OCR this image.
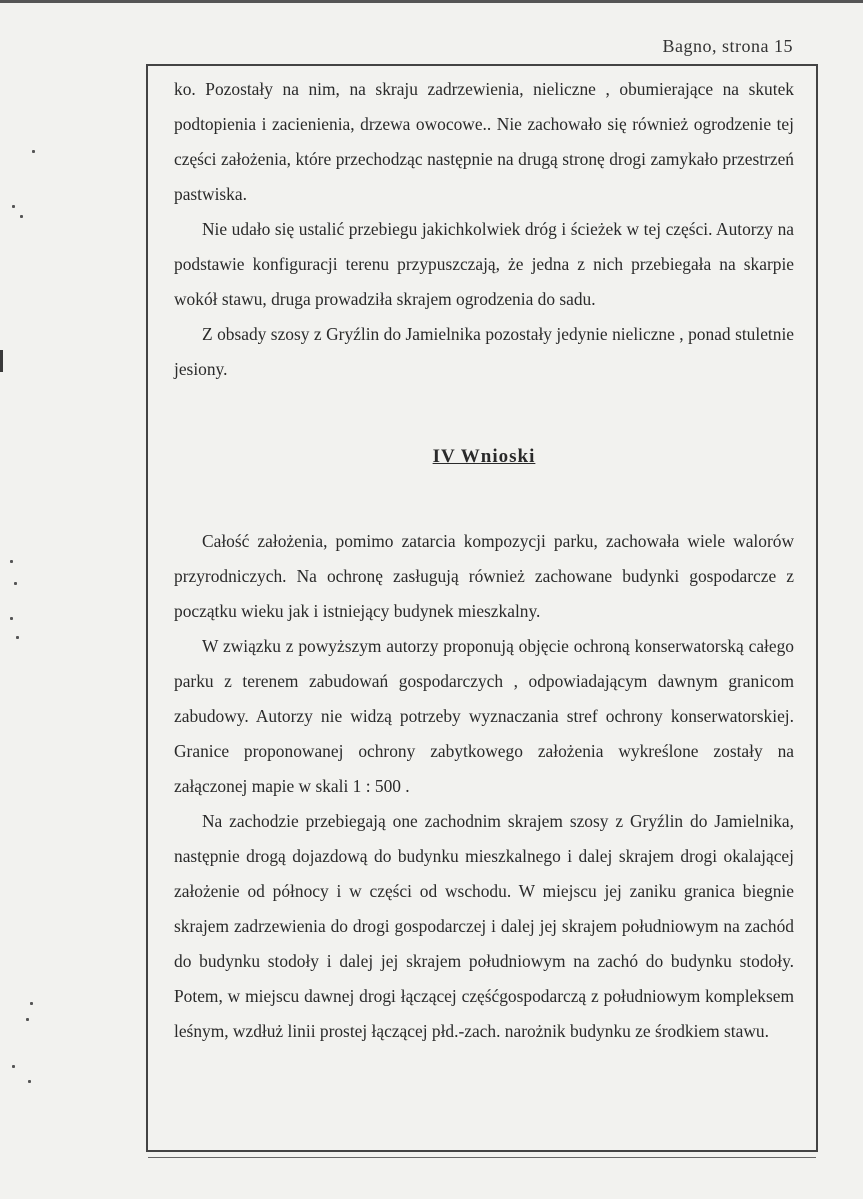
Bagno, strona 15

ko. Pozostały na nim, na skraju zadrzewienia, nieliczne , obumierające na skutek podtopienia i zacienienia, drzewa owocowe.. Nie zachowało się również ogrodzenie tej części założenia, które przechodząc następnie na drugą stronę drogi zamykało przestrzeń pastwiska.

Nie udało się ustalić przebiegu jakichkolwiek dróg i ścieżek w tej części. Autorzy na podstawie konfiguracji terenu przypuszczają, że jedna z nich przebiegała na skarpie wokół stawu, druga prowadziła skrajem ogrodzenia do sadu.

Z obsady szosy z Gryźlin do Jamielnika pozostały jedynie nieliczne , ponad stuletnie jesiony.

IV Wnioski

Całość założenia, pomimo zatarcia kompozycji parku, zachowała wiele walorów przyrodniczych. Na ochronę zasługują również zachowane budynki gospodarcze z początku wieku jak i istniejący budynek mieszkalny.

W związku z powyższym autorzy proponują objęcie ochroną konserwatorską całego parku z terenem zabudowań gospodarczych , odpowiadającym dawnym granicom zabudowy. Autorzy nie widzą potrzeby wyznaczania stref ochrony konserwatorskiej. Granice proponowanej ochrony zabytkowego założenia wykreślone zostały na załączonej mapie w skali 1 : 500 .

Na zachodzie przebiegają one zachodnim skrajem szosy z Gryźlin do Jamielnika, następnie drogą dojazdową do budynku mieszkalnego i dalej skrajem drogi okalającej założenie od północy i w części od wschodu. W miejscu jej zaniku granica biegnie skrajem zadrzewienia do drogi gospodarczej i dalej jej skrajem południowym na zachód do budynku stodoły i dalej jej skrajem południowym na zachó do budynku stodoły. Potem, w miejscu dawnej drogi łączącej częśćgospodarczą z południowym kompleksem leśnym, wzdłuż linii prostej łączącej płd.-zach. narożnik budynku ze środkiem stawu.
